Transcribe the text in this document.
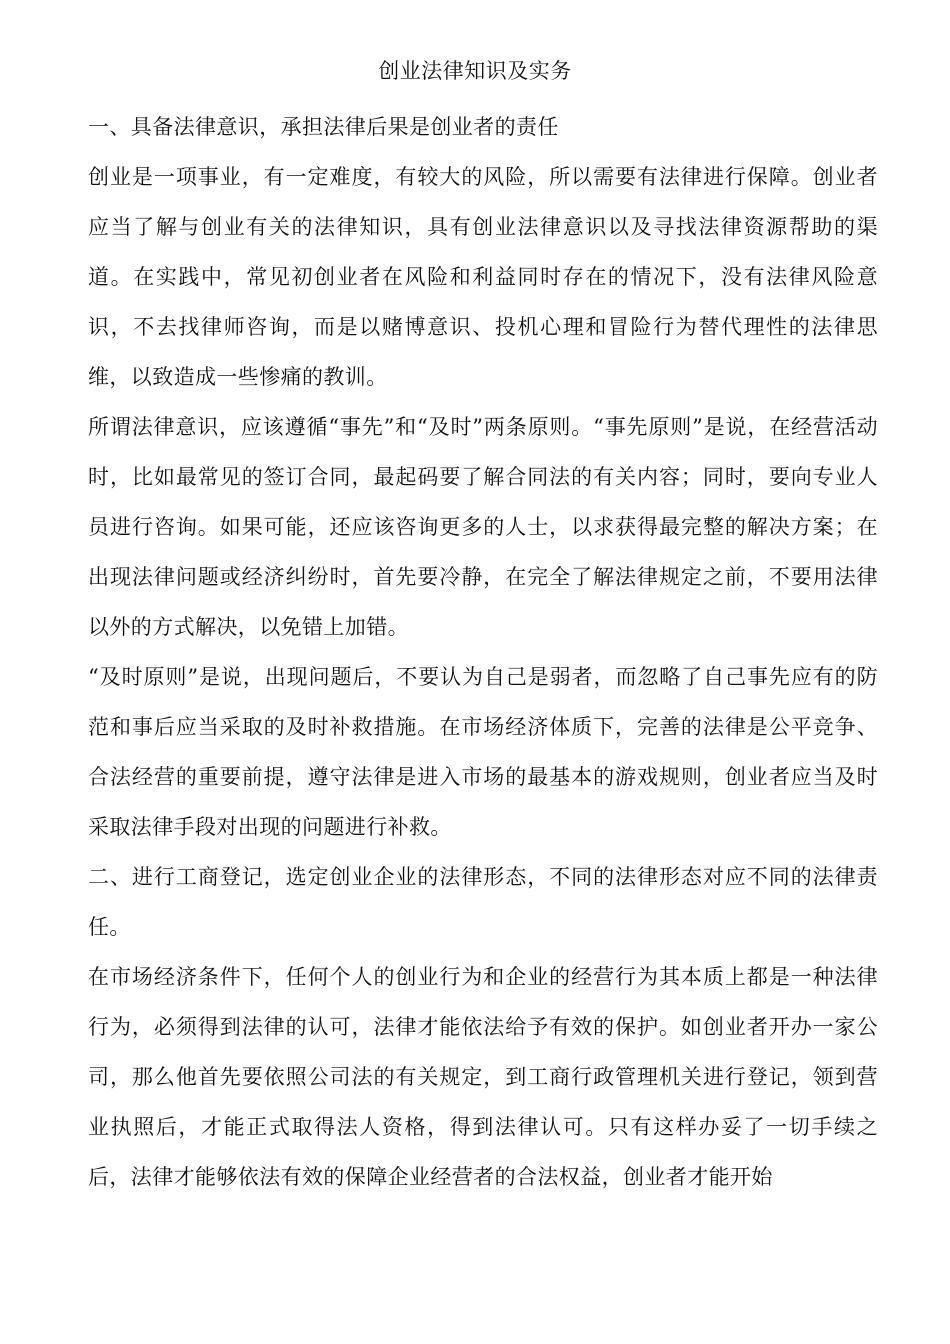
创业法律知识及实务

一、具备法律意识，承担法律后果是创业者的责任

创业是一项事业，有一定难度，有较大的风险，所以需要有法律进行保障。创业者应当了解与创业有关的法律知识，具有创业法律意识以及寻找法律资源帮助的渠道。在实践中，常见初创业者在风险和利益同时存在的情况下，没有法律风险意识，不去找律师咨询，而是以赌博意识、投机心理和冒险行为替代理性的法律思维，以致造成一些惨痛的教训。

所谓法律意识，应该遵循“事先”和“及时”两条原则。“事先原则”是说，在经营活动时，比如最常见的签订合同，最起码要了解合同法的有关内容；同时，要向专业人员进行咨询。如果可能，还应该咨询更多的人士，以求获得最完整的解决方案；在出现法律问题或经济纠纷时，首先要冷静，在完全了解法律规定之前，不要用法律以外的方式解决，以免错上加错。

“及时原则”是说，出现问题后，不要认为自己是弱者，而忽略了自己事先应有的防范和事后应当采取的及时补救措施。在市场经济体质下，完善的法律是公平竞争、合法经营的重要前提，遵守法律是进入市场的最基本的游戏规则，创业者应当及时采取法律手段对出现的问题进行补救。

二、进行工商登记，选定创业企业的法律形态，不同的法律形态对应不同的法律责任。

在市场经济条件下，任何个人的创业行为和企业的经营行为其本质上都是一种法律行为，必须得到法律的认可，法律才能依法给予有效的保护。如创业者开办一家公司，那么他首先要依照公司法的有关规定，到工商行政管理机关进行登记，领到营业执照后，才能正式取得法人资格，得到法律认可。只有这样办妥了一切手续之后，法律才能够依法有效的保障企业经营者的合法权益，创业者才能开始
